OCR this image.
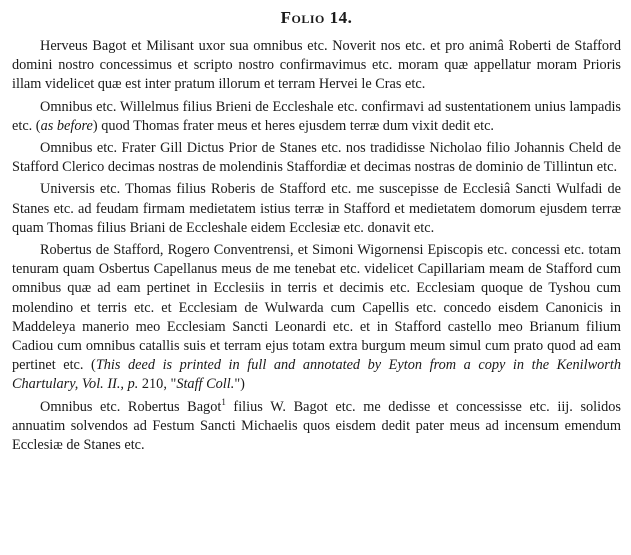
Folio 14.

Herveus Bagot et Milisant uxor sua omnibus etc. Noverit nos etc. et pro animâ Roberti de Stafford domini nostro concessimus et scripto nostro confirmavimus etc. moram quæ appellatur moram Prioris illam videlicet quæ est inter pratum illorum et terram Hervei le Cras etc.

Omnibus etc. Willelmus filius Brieni de Eccleshale etc. confirmavi ad sustentationem unius lampadis etc. (as before) quod Thomas frater meus et heres ejusdem terræ dum vixit dedit etc.

Omnibus etc. Frater Gill Dictus Prior de Stanes etc. nos tradidisse Nicholao filio Johannis Cheld de Stafford Clerico decimas nostras de molendinis Staffordiæ et decimas nostras de dominio de Tillintun etc.

Universis etc. Thomas filius Roberis de Stafford etc. me suscepisse de Ecclesiâ Sancti Wulfadi de Stanes etc. ad feudam firmam medietatem istius terræ in Stafford et medietatem domorum ejusdem terræ quam Thomas filius Briani de Eccleshale eidem Ecclesiæ etc. donavit etc.

Robertus de Stafford, Rogero Conventrensi, et Simoni Wigornensi Episcopis etc. concessi etc. totam tenuram quam Osbertus Capellanus meus de me tenebat etc. videlicet Capillariam meam de Stafford cum omnibus quæ ad eam pertinet in Ecclesiis in terris et decimis etc. Ecclesiam quoque de Tyshou cum molendino et terris etc. et Ecclesiam de Wulwarda cum Capellis etc. concedo eisdem Canonicis in Maddeleya manerio meo Ecclesiam Sancti Leonardi etc. et in Stafford castello meo Brianum filium Cadiou cum omnibus catallis suis et terram ejus totam extra burgum meum simul cum prato quod ad eam pertinet etc. (This deed is printed in full and annotated by Eyton from a copy in the Kenilworth Chartulary, Vol. II., p. 210, "Staff Coll.")

Omnibus etc. Robertus Bagot$^1$ filius W. Bagot etc. me dedisse et concessisse etc. iij. solidos annuatim solvendos ad Festum Sancti Michaelis quos eisdem dedit pater meus ad incensum emendum Ecclesiæ de Stanes etc.
